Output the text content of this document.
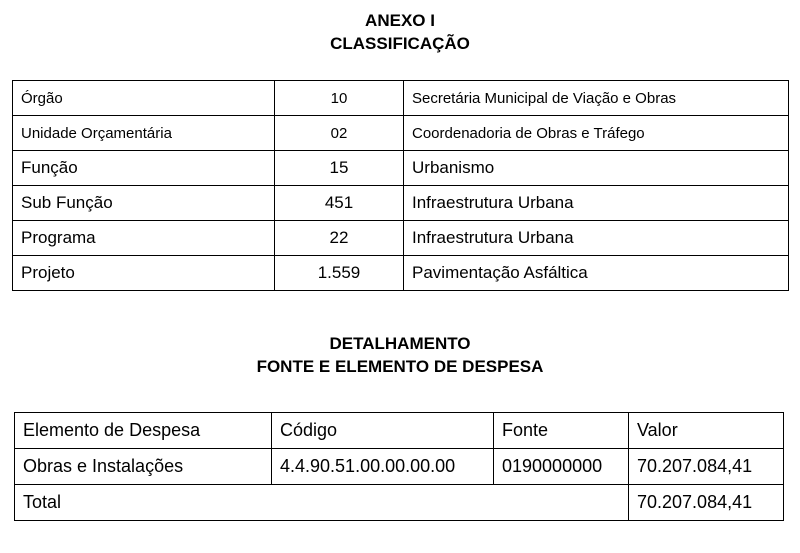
ANEXO I
CLASSIFICAÇÃO
Órgão	10	Secretária Municipal de Viação e Obras
Unidade Orçamentária	02	Coordenadoria de Obras e Tráfego
Função	15	Urbanismo
Sub Função	451	Infraestrutura Urbana
Programa	22	Infraestrutura Urbana
Projeto	1.559	Pavimentação Asfáltica
DETALHAMENTO
FONTE E ELEMENTO DE DESPESA
Elemento de Despesa	Código	Fonte	Valor
Obras e Instalações	4.4.90.51.00.00.00.00	0190000000	70.207.084,41
Total			70.207.084,41
